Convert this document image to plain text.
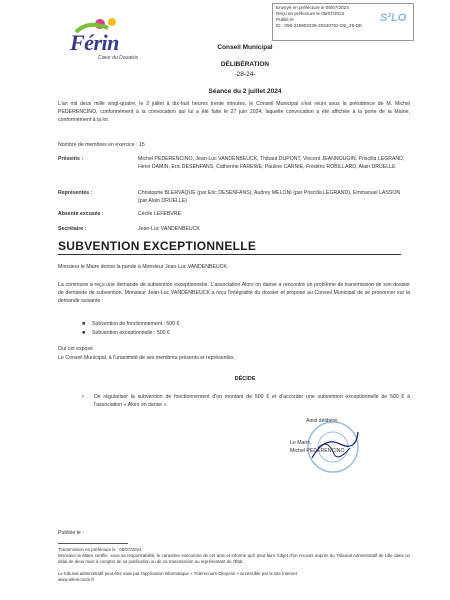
Férin
Cœur du Douaisis
Envoyé en préfecture le 05/07/2024
Reçu en préfecture le 05/07/2024
Publié le
ID : 059-215902239-20240702-DE_26-DE
S²LO
Conseil Municipal
DÉLIBÉRATION
-28-24-
Séance du 2 juillet 2024
L'an mil deux mille vingt-quatre, le 2 juillet à dix-huit heures trente minutes, le Conseil Municipal s'est réuni sous la présidence de M. Michel PEDERENCINO, conformément à la convocation qui lui a été faite le 27 juin 2024, laquelle convocation a été affichée à la porte de la Mairie, conformément à la loi.
Nombre de membres en exercice : 15
Présents :	Michel PEDERENCINO, Jean-Luc VANDENBEUCK, Thibaut DUPONT, Vincent JEANNOUGIN, Priscilla LEGRAND, Henri DAMIN, Eric DESENFANS, Catherine FAREWE, Pauline CARNIE, Frédéric ROBILLARD, Alain DRUELLE
Représentés :	Christophe BLERVAQUE (par Eric DESENFANS), Audrey MELONI (par Priscilla LEGRAND), Emmanuel LASSON (par Alain DRUELLE)
Absente excusée :	Cécile LEFEBVRE
Secrétaire :	Jean-Luc VANDENBEUCK
SUBVENTION EXCEPTIONNELLE
Monsieur le Maire donne la parole à Monsieur Jean-Luc VANDENBEUCK.
La commune a reçu une demande de subvention exceptionnelle. L'association Alors on danse a rencontré un problème de transmission de son dossier de demande de subvention. Monsieur Jean-Luc VANDENBEUCK a reçu l'intégralité du dossier et propose au Conseil Municipal de se prononcer sur la demande suivante :
■ Subvention de fonctionnement : 500 €
■ Subvention exceptionnelle : 500 €
Ouï cet exposé
Le Conseil Municipal, à l'unanimité de ses membres présents et représentés,
DÉCIDE
• De régulariser la subvention de fonctionnement d'un montant de 500 € et d'accorder une subvention exceptionnelle de 500 € à l'association « Alors on danse ».
Ainsi délibéré,
Le Maire,
Michel PEDERENCINO
Publiée le :
Transmission en préfecture le : 05/07/2024
Monsieur le Maire certifie, sous sa responsabilité, le caractère exécutoire de cet acte et informe qu'il peut faire l'objet d'un recours auprès du Tribunal Administratif de Lille dans un délai de deux mois à compter de sa publication ou de sa transmission au représentant de l'État.
Le tribunal administratif peut être saisi par l'application informatique « Télérecours Citoyens » accessible par le site Internet
www.telerecours.fr
